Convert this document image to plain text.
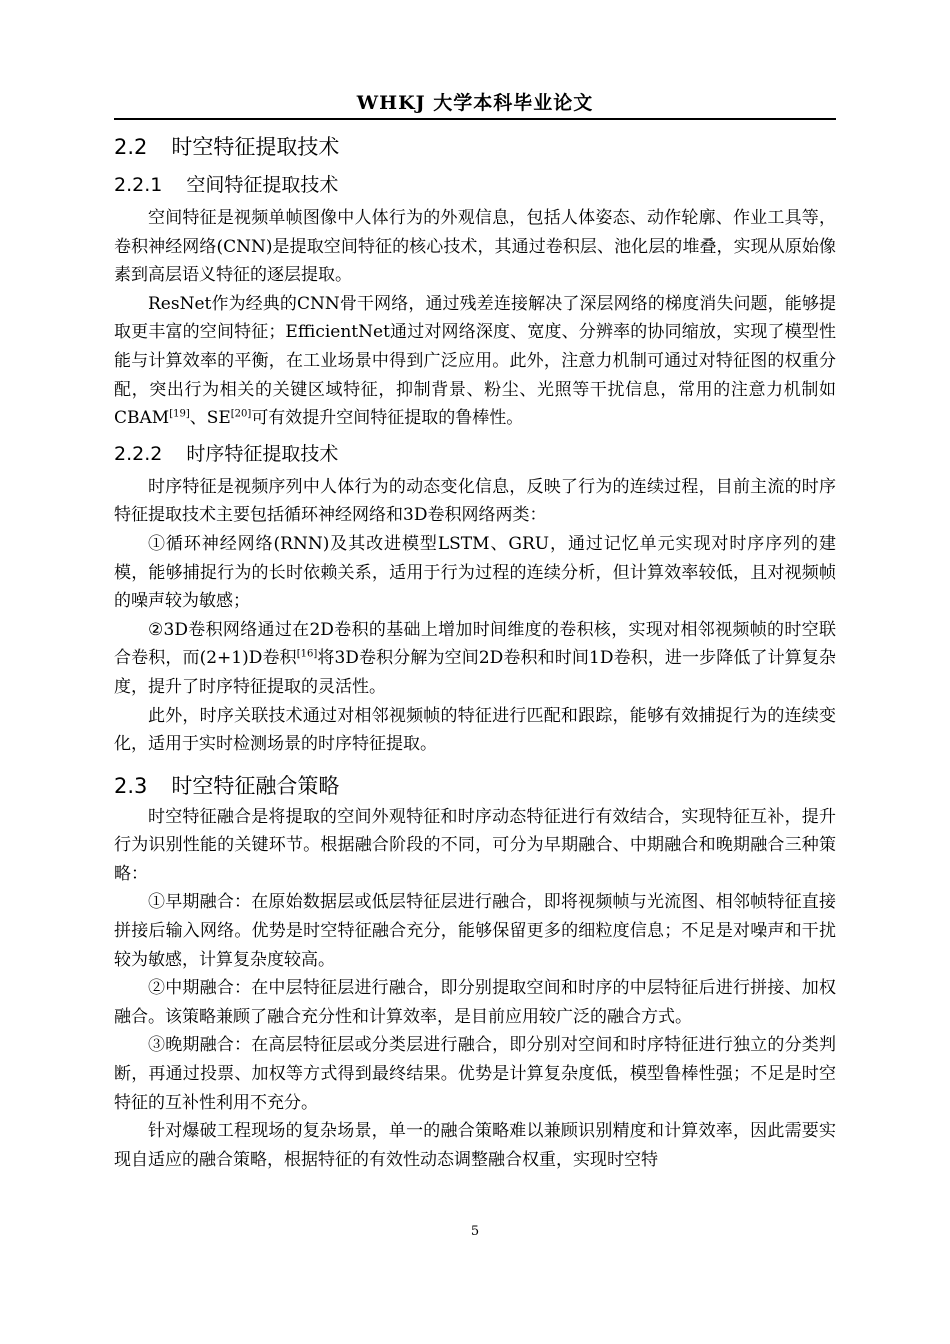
WHKJ 大学本科毕业论文
2.2 时空特征提取技术
2.2.1 空间特征提取技术

空间特征是视频单帧图像中人体行为的外观信息，包括人体姿态、动作轮廓、作业工具等，卷积神经网络(CNN)是提取空间特征的核心技术，其通过卷积层、池化层的堆叠，实现从原始像素到高层语义特征的逐层提取。

ResNet作为经典的CNN骨干网络，通过残差连接解决了深层网络的梯度消失问题，能够提取更丰富的空间特征；EfficientNet通过对网络深度、宽度、分辨率的协同缩放，实现了模型性能与计算效率的平衡，在工业场景中得到广泛应用。此外，注意力机制可通过对特征图的权重分配，突出行为相关的关键区域特征，抑制背景、粉尘、光照等干扰信息，常用的注意力机制如CBAM[19]、SE[20]可有效提升空间特征提取的鲁棒性。

2.2.2 时序特征提取技术

时序特征是视频序列中人体行为的动态变化信息，反映了行为的连续过程，目前主流的时序特征提取技术主要包括循环神经网络和3D卷积网络两类：

①循环神经网络(RNN)及其改进模型LSTM、GRU，通过记忆单元实现对时序序列的建模，能够捕捉行为的长时依赖关系，适用于行为过程的连续分析，但计算效率较低，且对视频帧的噪声较为敏感；

②3D卷积网络通过在2D卷积的基础上增加时间维度的卷积核，实现对相邻视频帧的时空联合卷积，而(2+1)D卷积[16]将3D卷积分解为空间2D卷积和时间1D卷积，进一步降低了计算复杂度，提升了时序特征提取的灵活性。

此外，时序关联技术通过对相邻视频帧的特征进行匹配和跟踪，能够有效捕捉行为的连续变化，适用于实时检测场景的时序特征提取。

2.3 时空特征融合策略

时空特征融合是将提取的空间外观特征和时序动态特征进行有效结合，实现特征互补，提升行为识别性能的关键环节。根据融合阶段的不同，可分为早期融合、中期融合和晚期融合三种策略：

①早期融合：在原始数据层或低层特征层进行融合，即将视频帧与光流图、相邻帧特征直接拼接后输入网络。优势是时空特征融合充分，能够保留更多的细粒度信息；不足是对噪声和干扰较为敏感，计算复杂度较高。

②中期融合：在中层特征层进行融合，即分别提取空间和时序的中层特征后进行拼接、加权融合。该策略兼顾了融合充分性和计算效率，是目前应用较广泛的融合方式。

③晚期融合：在高层特征层或分类层进行融合，即分别对空间和时序特征进行独立的分类判断，再通过投票、加权等方式得到最终结果。优势是计算复杂度低，模型鲁棒性强；不足是时空特征的互补性利用不充分。

针对爆破工程现场的复杂场景，单一的融合策略难以兼顾识别精度和计算效率，因此需要实现自适应的融合策略，根据特征的有效性动态调整融合权重，实现时空特

5
